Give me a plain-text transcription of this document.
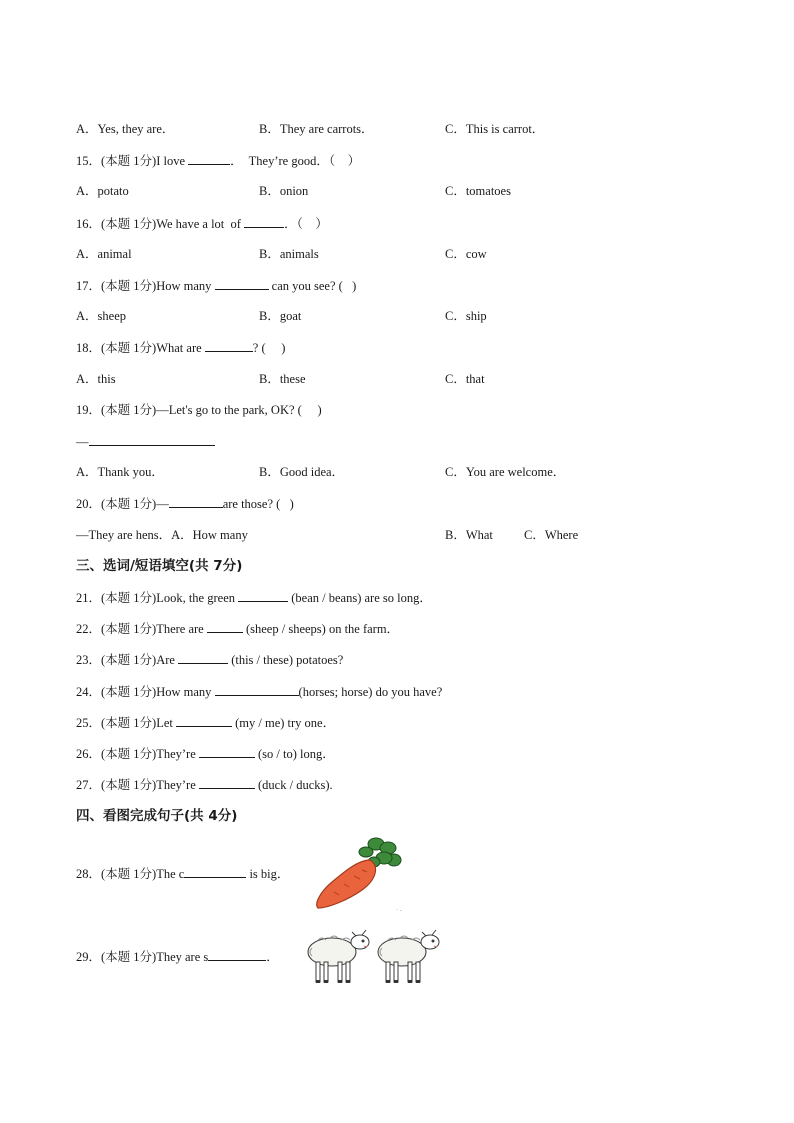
A．Yes, they are．	B．They are carrots．	C．This is carrot．
15．(本题 1分)I love	．  They’re good．（    ）
A．potato	B．onion	C．tomatoes
16．(本题 1分)We have a lot  of	．（    ）
A．animal	B．animals	C．cow
17．(本题 1分)How many	can you see? (   )
A．sheep	B．goat	C．ship
18．(本题 1分)What are	? (     )
A．this	B．these	C．that
19．(本题 1分)—Let's go to the park, OK? (     )
—
A．Thank you．	B．Good idea．	C．You are welcome．
20．(本题 1分)—	are those? (   )
—They are hens．A．How many	B．What C．Where
三、选词/短语填空(共 7分)
21．(本题 1分)Look, the green	(bean / beans) are so long．
22．(本题 1分)There are	(sheep / sheeps) on the farm．
23．(本题 1分)Are	(this / these) potatoes?
24．(本题 1分)How many	(horses; horse) do you have?
25．(本题 1分)Let	(my / me) try one．
26．(本题 1分)They’re	(so / to) long．
27．(本题 1分)They’re	(duck / ducks).
四、看图完成句子(共 4分)
28．(本题 1分)The c	is big．
· -
29．(本题 1分)They are s	．
